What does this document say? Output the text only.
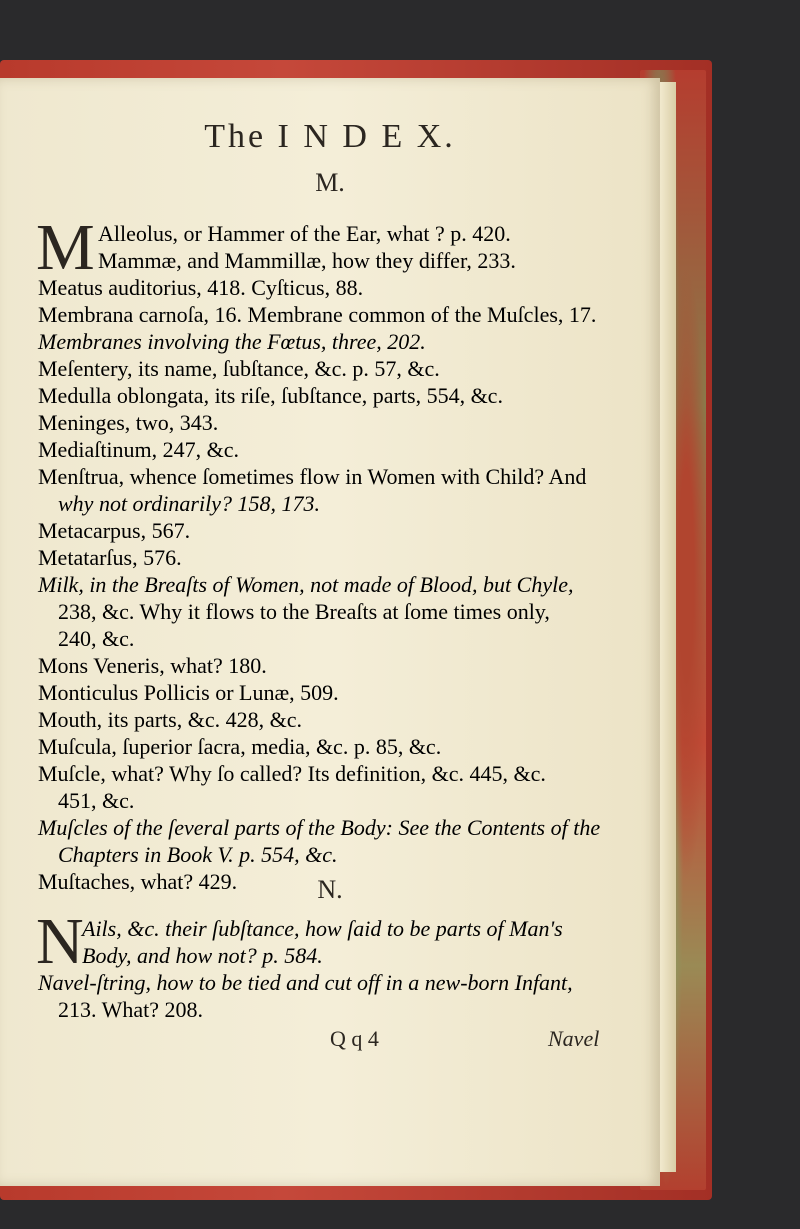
The I N D E X.
M.
M Alleolus, or Hammer of the Ear, what ? p. 420.
Mammæ, and Mammillæ, how they differ, 233.
Meatus auditorius, 418. Cyſticus, 88.
Membrana carnoſa, 16. Membrane common of the Muſcles, 17.
Membranes involving the Fœtus, three, 202.
Meſentery, its name, ſubſtance, &c. p. 57, &c.
Medulla oblongata, its riſe, ſubſtance, parts, 554, &c.
Meninges, two, 343.
Mediaſtinum, 247, &c.
Menſtrua, whence ſometimes flow in Women with Child? And
why not ordinarily? 158, 173.
Metacarpus, 567.
Metatarſus, 576.
Milk, in the Breaſts of Women, not made of Blood, but Chyle,
238, &c. Why it flows to the Breaſts at ſome times only,
240, &c.
Mons Veneris, what? 180.
Monticulus Pollicis or Lunæ, 509.
Mouth, its parts, &c. 428, &c.
Muſcula, ſuperior ſacra, media, &c. p. 85, &c.
Muſcle, what? Why ſo called? Its definition, &c. 445, &c.
451, &c.
Muſcles of the ſeveral parts of the Body: See the Contents of the
Chapters in Book V. p. 554, &c.
Muſtaches, what? 429.	N.
N
Ails, &c. their ſubſtance, how ſaid to be parts of Man's
Body, and how not? p. 584.
Navel-ſtring, how to be tied and cut off in a new-born Infant,
213. What? 208.
Q q 4	Navel
